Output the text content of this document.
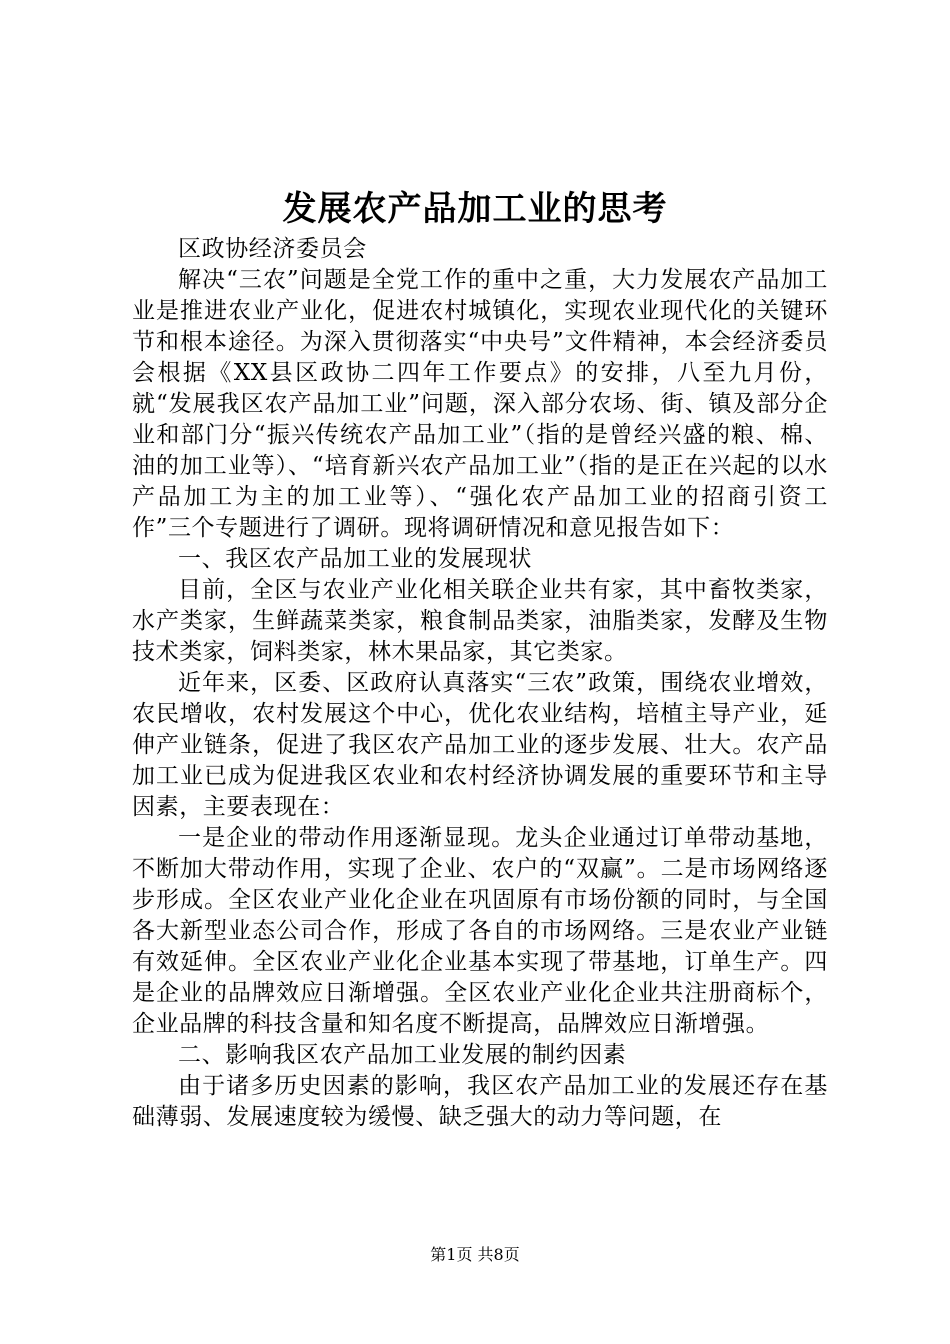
发展农产品加工业的思考

区政协经济委员会

解决“三农”问题是全党工作的重中之重，大力发展农产品加工业是推进农业产业化，促进农村城镇化，实现农业现代化的关键环节和根本途径。为深入贯彻落实“中央号”文件精神，本会经济委员会根据《XX县区政协二四年工作要点》的安排，八至九月份，就“发展我区农产品加工业”问题，深入部分农场、街、镇及部分企业和部门分“振兴传统农产品加工业”（指的是曾经兴盛的粮、棉、油的加工业等）、“培育新兴农产品加工业”（指的是正在兴起的以水产品加工为主的加工业等）、“强化农产品加工业的招商引资工作”三个专题进行了调研。现将调研情况和意见报告如下：

一、我区农产品加工业的发展现状

目前，全区与农业产业化相关联企业共有家，其中畜牧类家，水产类家，生鲜蔬菜类家，粮食制品类家，油脂类家，发酵及生物技术类家，饲料类家，林木果品家，其它类家。

近年来，区委、区政府认真落实“三农”政策，围绕农业增效，农民增收，农村发展这个中心，优化农业结构，培植主导产业，延伸产业链条，促进了我区农产品加工业的逐步发展、壮大。农产品加工业已成为促进我区农业和农村经济协调发展的重要环节和主导因素，主要表现在：

一是企业的带动作用逐渐显现。龙头企业通过订单带动基地，不断加大带动作用，实现了企业、农户的“双赢”。二是市场网络逐步形成。全区农业产业化企业在巩固原有市场份额的同时，与全国各大新型业态公司合作，形成了各自的市场网络。三是农业产业链有效延伸。全区农业产业化企业基本实现了带基地，订单生产。四是企业的品牌效应日渐增强。全区农业产业化企业共注册商标个，企业品牌的科技含量和知名度不断提高，品牌效应日渐增强。

二、影响我区农产品加工业发展的制约因素

由于诸多历史因素的影响，我区农产品加工业的发展还存在基础薄弱、发展速度较为缓慢、缺乏强大的动力等问题，在

第1页 共8页
